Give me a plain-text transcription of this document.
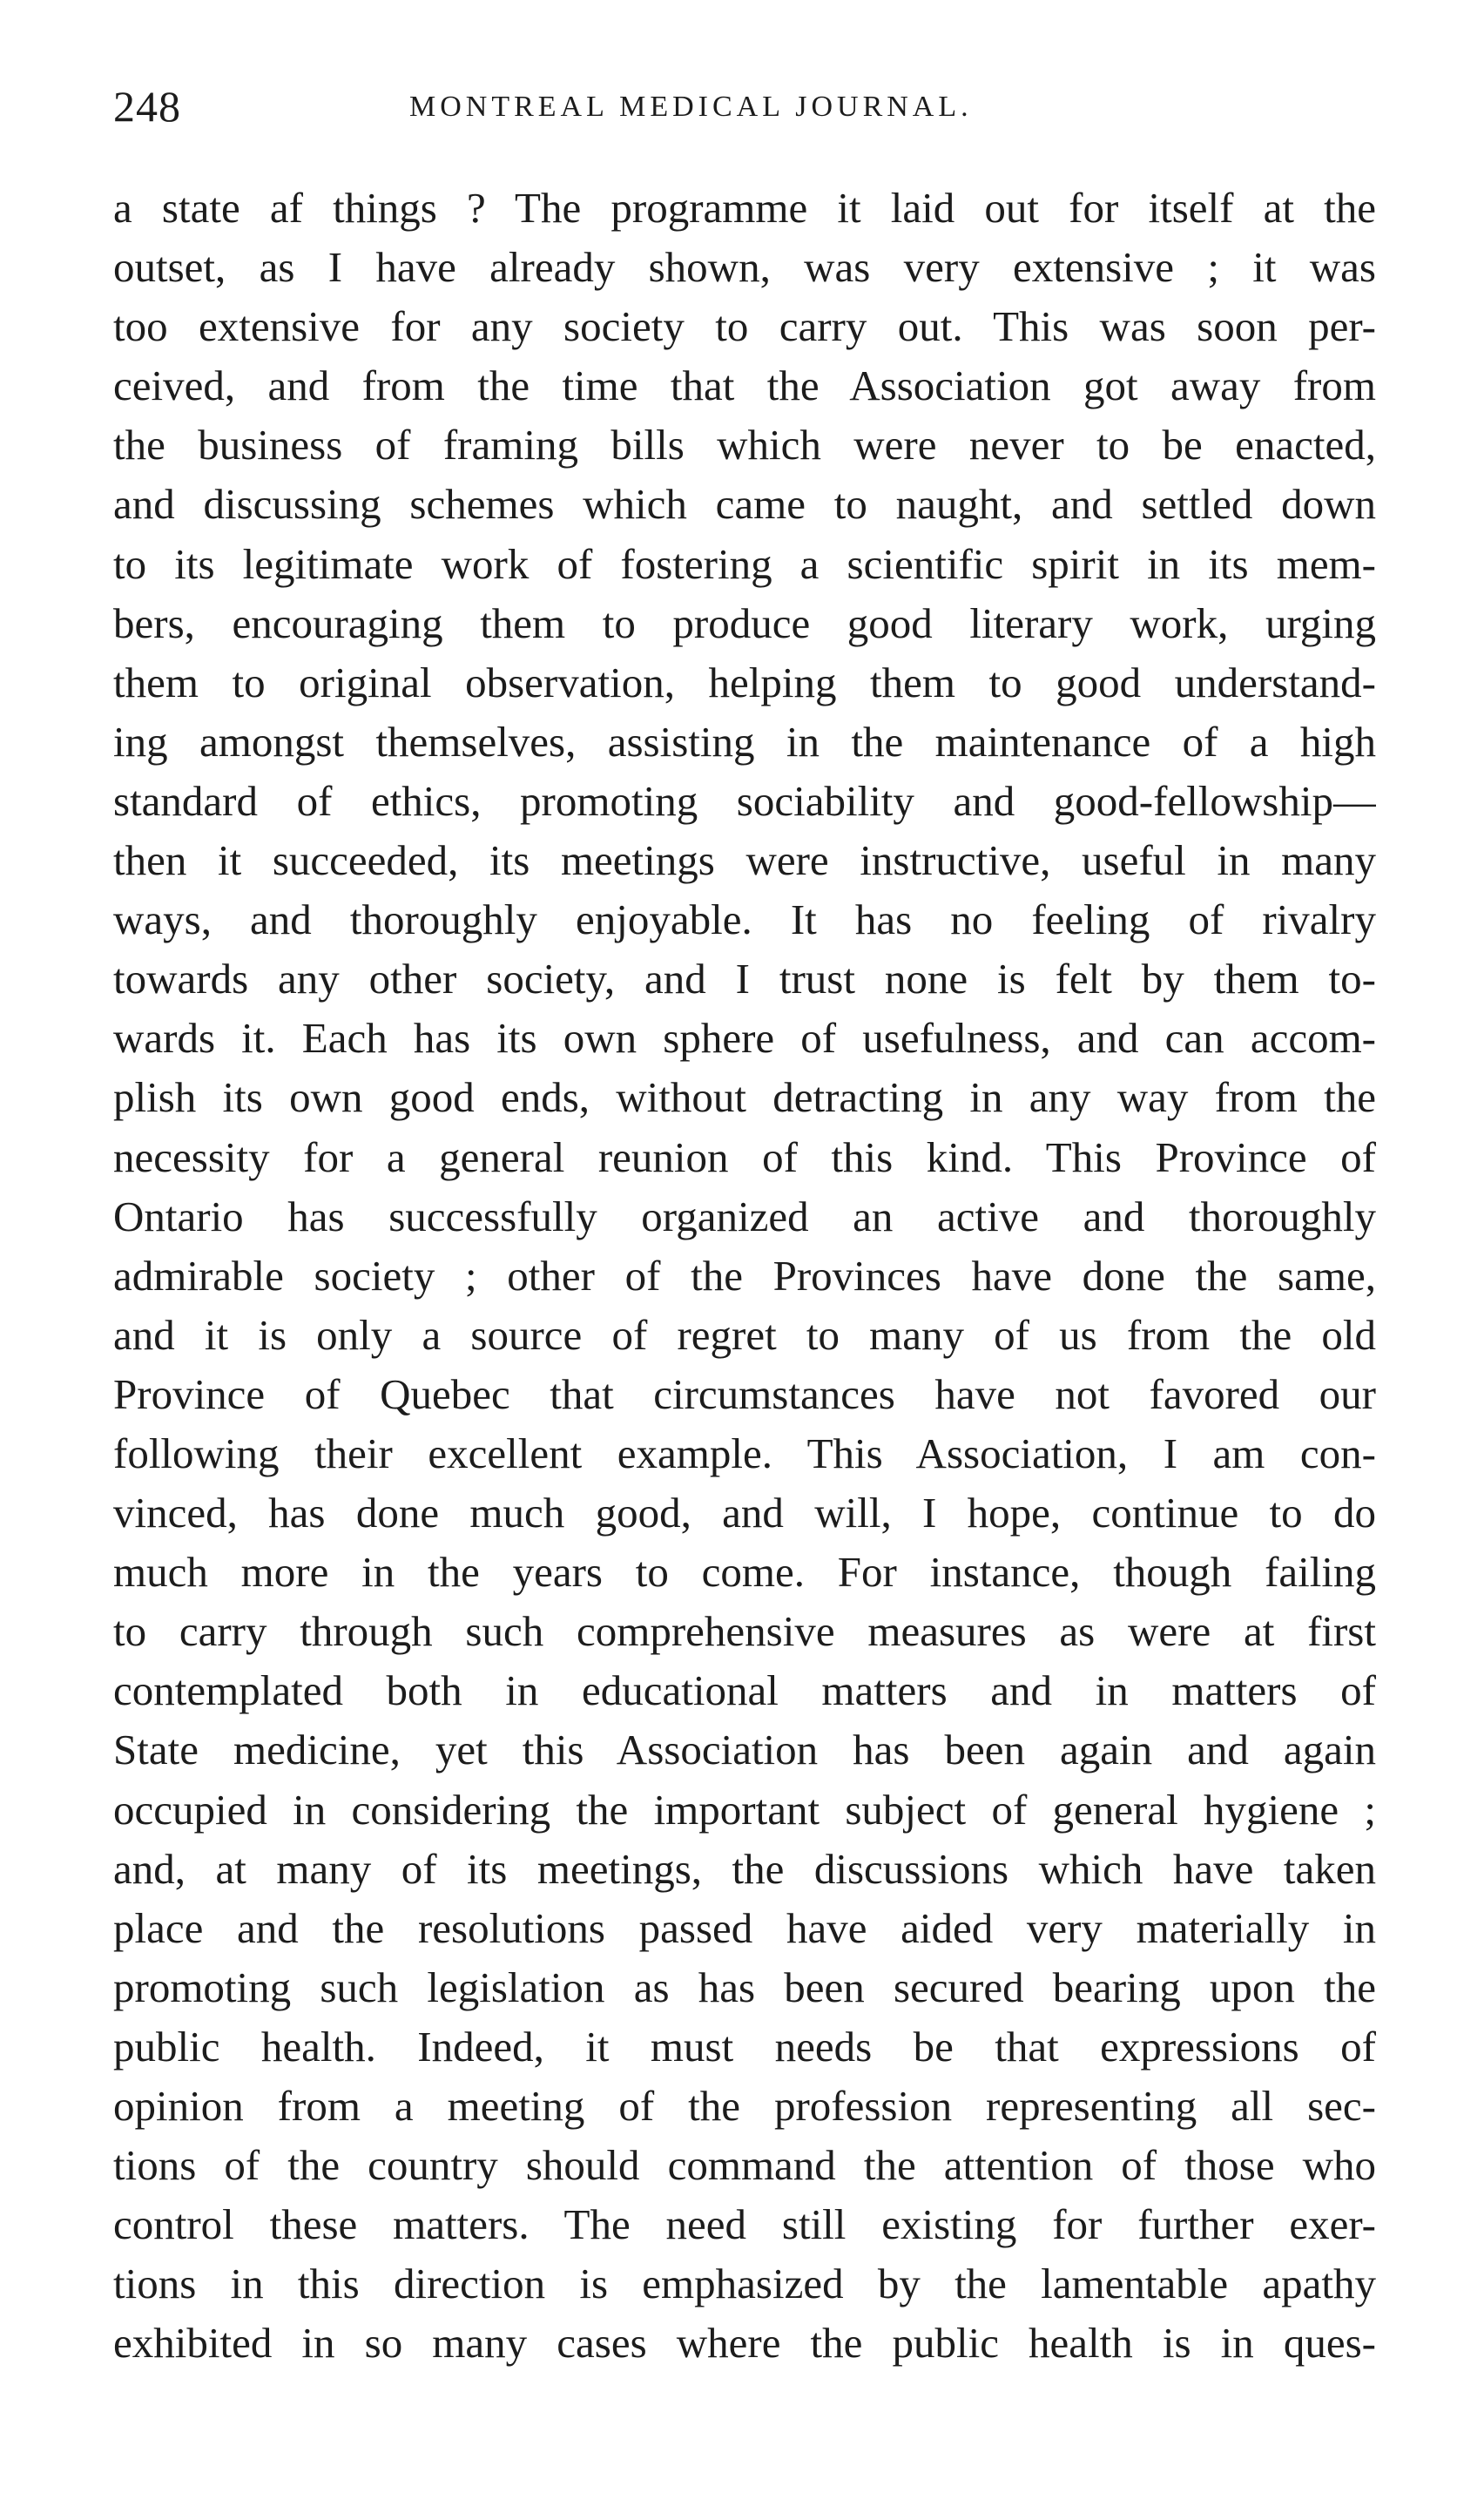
248	MONTREAL MEDICAL JOURNAL.
a state af things ? The programme it laid out for itself at the
outset, as I have already shown, was very extensive ; it was
too extensive for any society to carry out. This was soon per-
ceived, and from the time that the Association got away from
the business of framing bills which were never to be enacted,
and discussing schemes which came to naught, and settled down
to its legitimate work of fostering a scientific spirit in its mem-
bers, encouraging them to produce good literary work, urging
them to original observation, helping them to good understand-
ing amongst themselves, assisting in the maintenance of a high
standard of ethics, promoting sociability and good-fellowship—
then it succeeded, its meetings were instructive, useful in many
ways, and thoroughly enjoyable. It has no feeling of rivalry
towards any other society, and I trust none is felt by them to-
wards it. Each has its own sphere of usefulness, and can accom-
plish its own good ends, without detracting in any way from the
necessity for a general reunion of this kind. This Province of
Ontario has successfully organized an active and thoroughly
admirable society ; other of the Provinces have done the same,
and it is only a source of regret to many of us from the old
Province of Quebec that circumstances have not favored our
following their excellent example. This Association, I am con-
vinced, has done much good, and will, I hope, continue to do
much more in the years to come. For instance, though failing
to carry through such comprehensive measures as were at first
contemplated both in educational matters and in matters of
State medicine, yet this Association has been again and again
occupied in considering the important subject of general hygiene ;
and, at many of its meetings, the discussions which have taken
place and the resolutions passed have aided very materially in
promoting such legislation as has been secured bearing upon the
public health. Indeed, it must needs be that expressions of
opinion from a meeting of the profession representing all sec-
tions of the country should command the attention of those who
control these matters. The need still existing for further exer-
tions in this direction is emphasized by the lamentable apathy
exhibited in so many cases where the public health is in ques-
